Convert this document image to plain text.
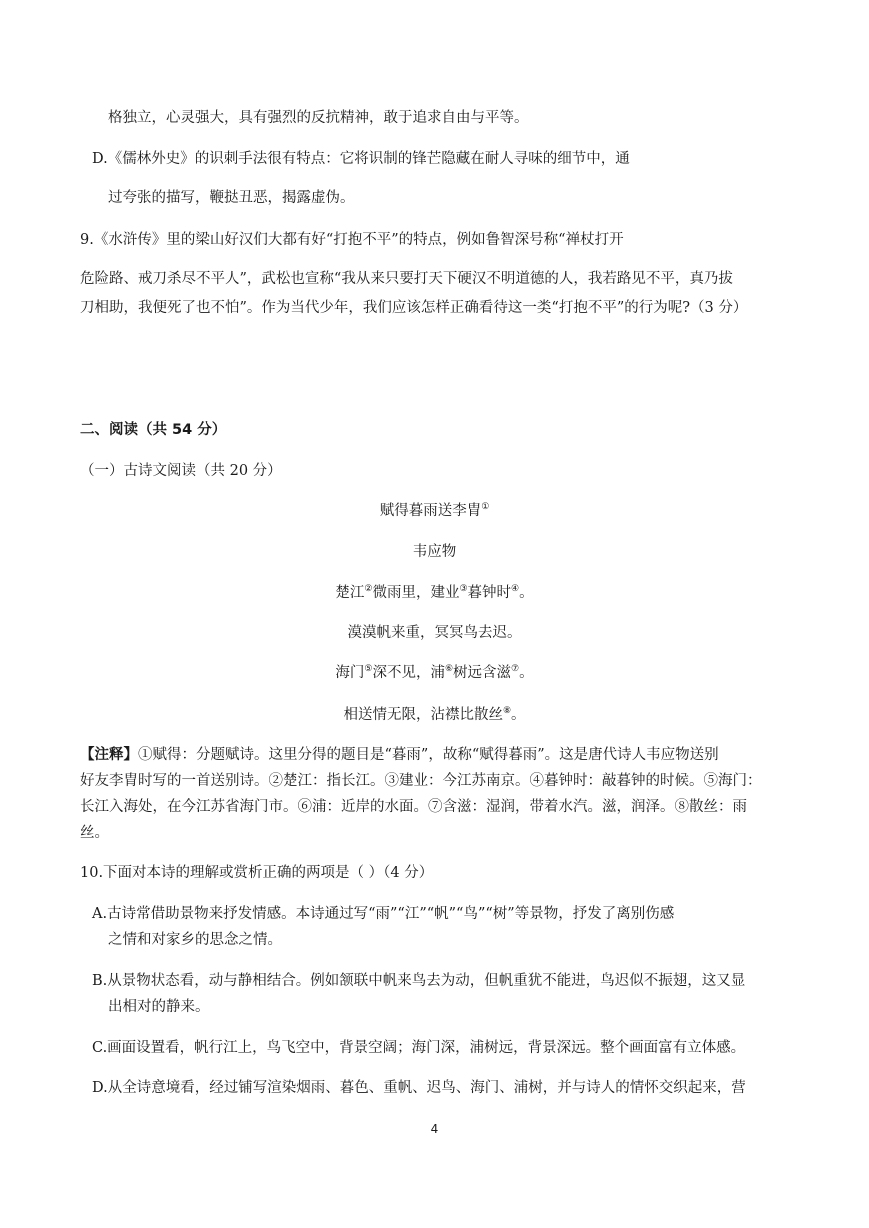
格独立，心灵强大，具有强烈的反抗精神，敢于追求自由与平等。
D.《儒林外史》的识刺手法很有特点：它将识制的锋芒隐藏在耐人寻味的细节中，通
过夸张的描写，鞭挞丑恶，揭露虚伪。
9.《水浒传》里的梁山好汉们大都有好“打抱不平”的特点，例如鲁智深号称“禅杖打开
危险路、戒刀杀尽不平人”，武松也宣称“我从来只要打天下硬汉不明道德的人，我若路见不平，真乃拔
刀相助，我便死了也不怕”。作为当代少年，我们应该怎样正确看待这一类“打抱不平”的行为呢?（3 分）
二、阅读（共 54 分）
（一）古诗文阅读（共 20 分）
赋得暮雨送李胄①
韦应物
楚江②微雨里，建业③暮钟时④。
漠漠帆来重，冥冥鸟去迟。
海门⑤深不见，浦⑥树远含滋⑦。
相送情无限，沾襟比散丝⑧。
【注释】①赋得：分题赋诗。这里分得的题目是“暮雨”，故称“赋得暮雨”。这是唐代诗人韦应物送别
好友李胄时写的一首送别诗。②楚江：指长江。③建业：今江苏南京。④暮钟时：敲暮钟的时候。⑤海门：
长江入海处，在今江苏省海门市。⑥浦：近岸的水面。⑦含滋：湿润，带着水汽。滋，润泽。⑧散丝：雨
丝。
10.下面对本诗的理解或赏析正确的两项是（ ）（4 分）
A.古诗常借助景物来抒发情感。本诗通过写“雨”“江”“帆”“鸟”“树”等景物，抒发了离别伤感
之情和对家乡的思念之情。
B.从景物状态看，动与静相结合。例如颔联中帆来鸟去为动，但帆重犹不能进，鸟迟似不振翅，这又显
出相对的静来。
C.画面设置看，帆行江上，鸟飞空中，背景空阔；海门深，浦树远，背景深远。整个画面富有立体感。
D.从全诗意境看，经过铺写渲染烟雨、暮色、重帆、迟鸟、海门、浦树，并与诗人的情怀交织起来，营
4
